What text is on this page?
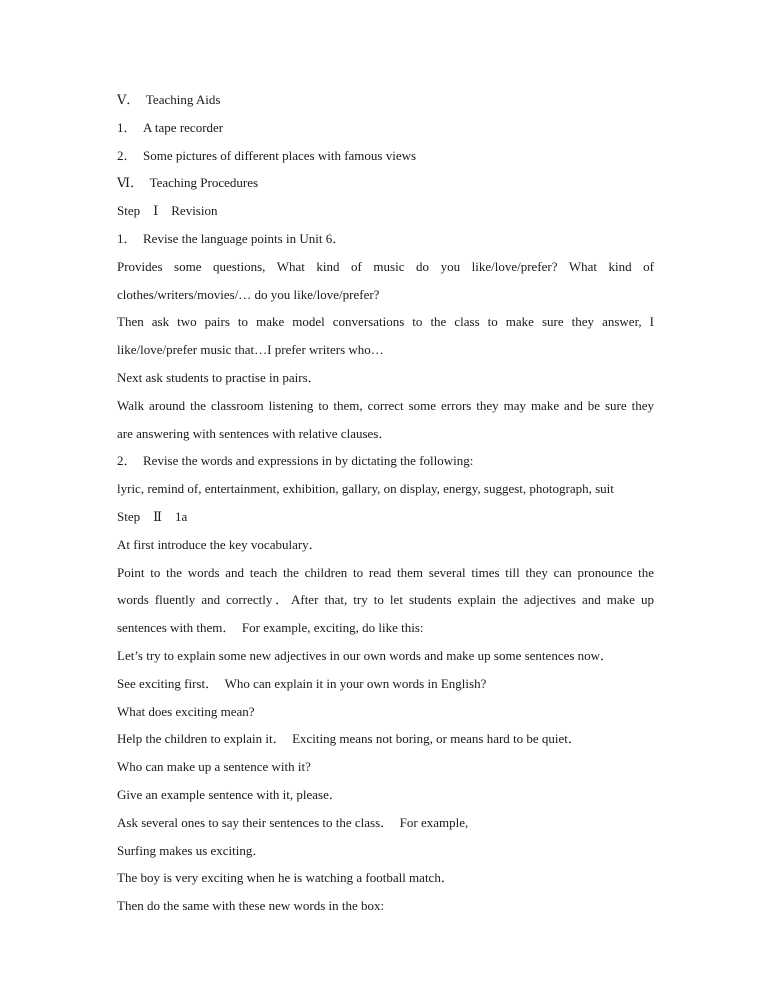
Ⅴ．　Teaching Aids
1．　A tape recorder
2．　Some pictures of different places with famous views
Ⅵ．　Teaching Procedures
Step　Ⅰ　Revision
1．　Revise the language points in Unit 6．
Provides some questions, What kind of music do you like/love/prefer? What kind of
clothes/writers/movies/… do you like/love/prefer?
Then ask two pairs to make model conversations to the class to make sure they answer, I
like/love/prefer music that…I prefer writers who…
Next ask students to practise in pairs．
Walk around the classroom listening to them, correct some errors they may make and be sure they
are answering with sentences with relative clauses．
2．　Revise the words and expressions in by dictating the following:
lyric, remind of, entertainment, exhibition, gallary, on display, energy, suggest, photograph, suit
Step　Ⅱ　1a
At first introduce the key vocabulary．
Point to the words and teach the children to read them several times till they can pronounce the
words fluently and correctly．After that, try to let students explain the adjectives and make up
sentences with them．　For example, exciting, do like this:
Let’s try to explain some new adjectives in our own words and make up some sentences now．
See exciting first．　Who can explain it in your own words in English?
What does exciting mean?
Help the children to explain it．　Exciting means not boring, or means hard to be quiet．
Who can make up a sentence with it?
Give an example sentence with it, please．
Ask several ones to say their sentences to the class．　For example,
Surfing makes us exciting．
The boy is very exciting when he is watching a football match．
Then do the same with these new words in the box:
